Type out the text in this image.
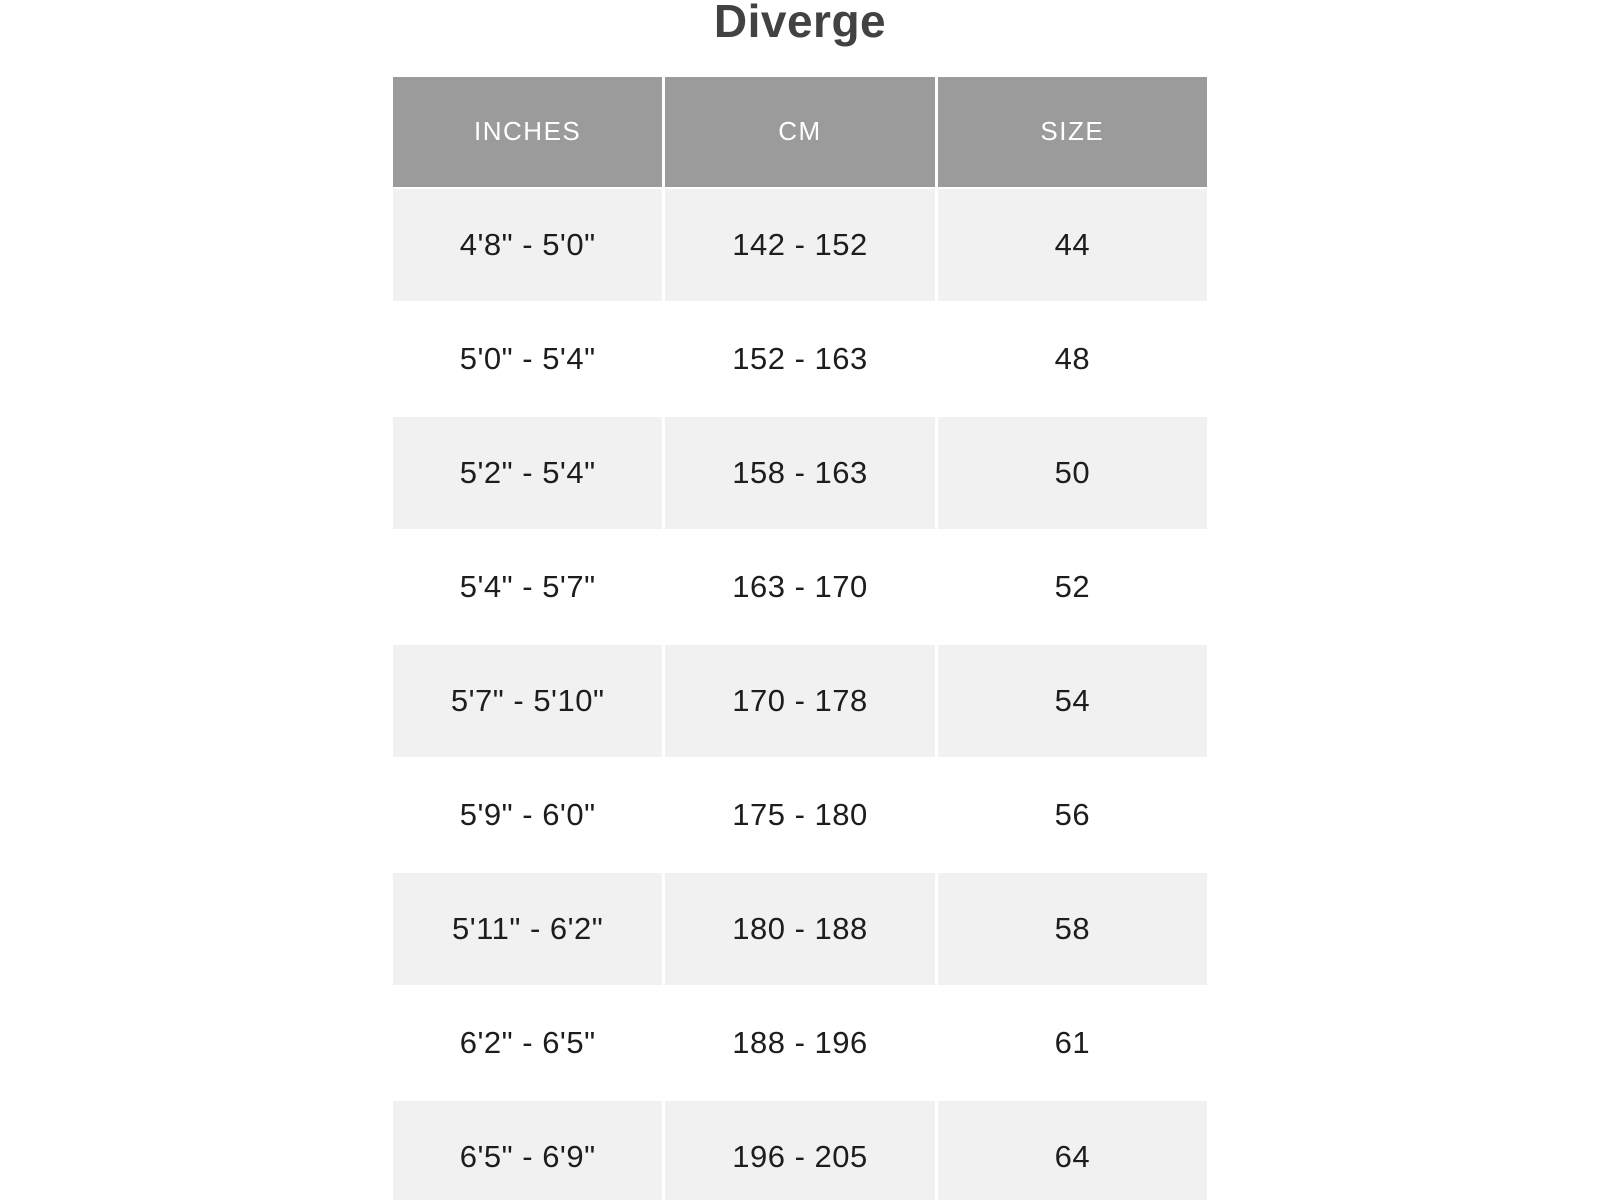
Diverge
INCHES	CM	SIZE
4'8" - 5'0"	142 - 152	44
5'0" - 5'4"	152 - 163	48
5'2" - 5'4"	158 - 163	50
5'4" - 5'7"	163 - 170	52
5'7" - 5'10"	170 - 178	54
5'9" - 6'0"	175 - 180	56
5'11" - 6'2"	180 - 188	58
6'2" - 6'5"	188 - 196	61
6'5" - 6'9"	196 - 205	64
